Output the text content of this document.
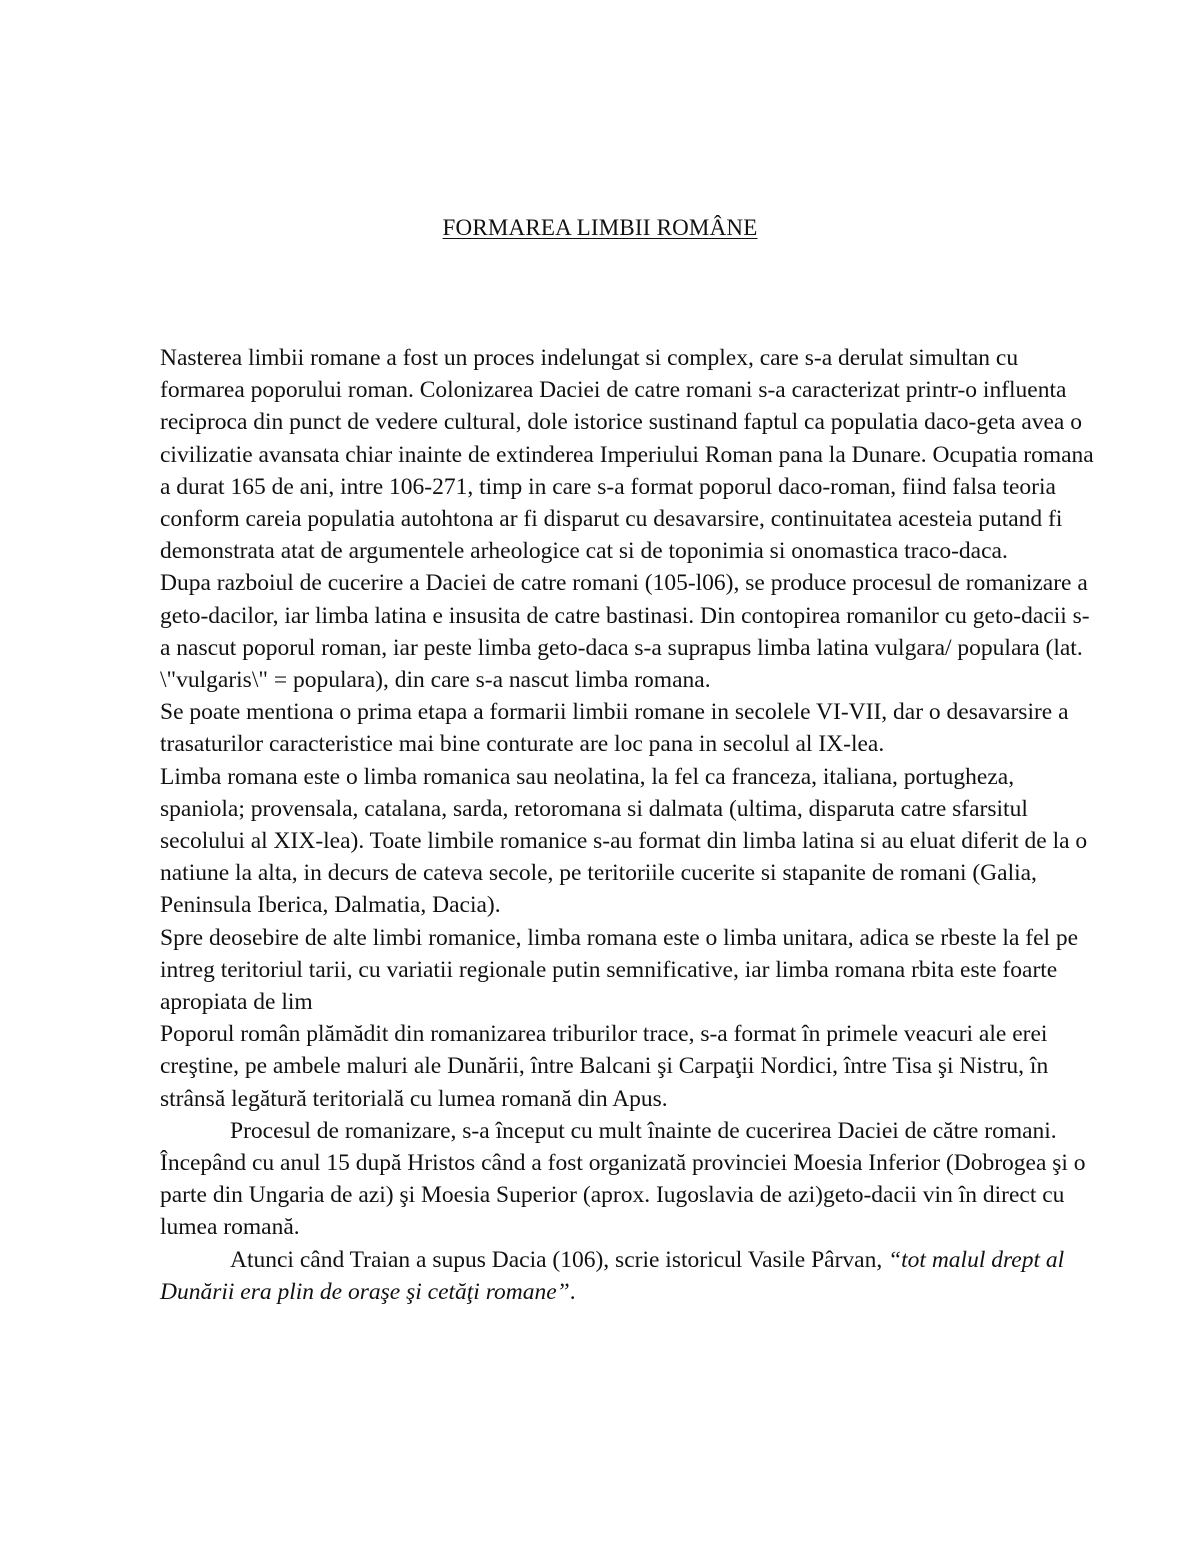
FORMAREA LIMBII ROMÂNE

Nasterea limbii romane a fost un proces indelungat si complex, care s-a derulat simultan cu formarea poporului roman. Colonizarea Daciei de catre romani s-a caracterizat printr-o influenta reciproca din punct de vedere cultural, dole istorice sustinand faptul ca populatia daco-geta avea o civilizatie avansata chiar inainte de extinderea Imperiului Roman pana la Dunare. Ocupatia romana a durat 165 de ani, intre 106-271, timp in care s-a format poporul daco-roman, fiind falsa teoria conform careia populatia autohtona ar fi disparut cu desavarsire, continuitatea acesteia putand fi demonstrata atat de argumentele arheologice cat si de toponimia si onomastica traco-daca.

Dupa razboiul de cucerire a Daciei de catre romani (105-l06), se produce procesul de romanizare a geto-dacilor, iar limba latina e insusita de catre bastinasi. Din contopirea romanilor cu geto-dacii s-a nascut poporul roman, iar peste limba geto-daca s-a suprapus limba latina vulgara/ populara (lat. \"vulgaris\" = populara), din care s-a nascut limba romana.

Se poate mentiona o prima etapa a formarii limbii romane in secolele VI-VII, dar o desavarsire a trasaturilor caracteristice mai bine conturate are loc pana in secolul al IX-lea.

Limba romana este o limba romanica sau neolatina, la fel ca franceza, italiana, portugheza, spaniola; provensala, catalana, sarda, retoromana si dalmata (ultima, disparuta catre sfarsitul secolului al XIX-lea). Toate limbile romanice s-au format din limba latina si au eluat diferit de la o natiune la alta, in decurs de cateva secole, pe teritoriile cucerite si stapanite de romani (Galia, Peninsula Iberica, Dalmatia, Dacia).

Spre deosebire de alte limbi romanice, limba romana este o limba unitara, adica se rbeste la fel pe intreg teritoriul tarii, cu variatii regionale putin semnificative, iar limba romana rbita este foarte apropiata de lim

Poporul român plămădit din romanizarea triburilor trace, s-a format în primele veacuri ale erei creştine, pe ambele maluri ale Dunării, între Balcani şi Carpaţii Nordici, între Tisa şi Nistru, în strânsă legătură teritorială cu lumea romană din Apus.

Procesul de romanizare, s-a început cu mult înainte de cucerirea Daciei de către romani. Începând cu anul 15 după Hristos când a fost organizată provinciei Moesia Inferior (Dobrogea şi o parte din Ungaria de azi) şi Moesia Superior (aprox. Iugoslavia de azi)geto-dacii vin în direct cu lumea romană.

Atunci când Traian a supus Dacia (106), scrie istoricul Vasile Pârvan, “tot malul drept al Dunării era plin de oraşe şi cetăţi romane”.
